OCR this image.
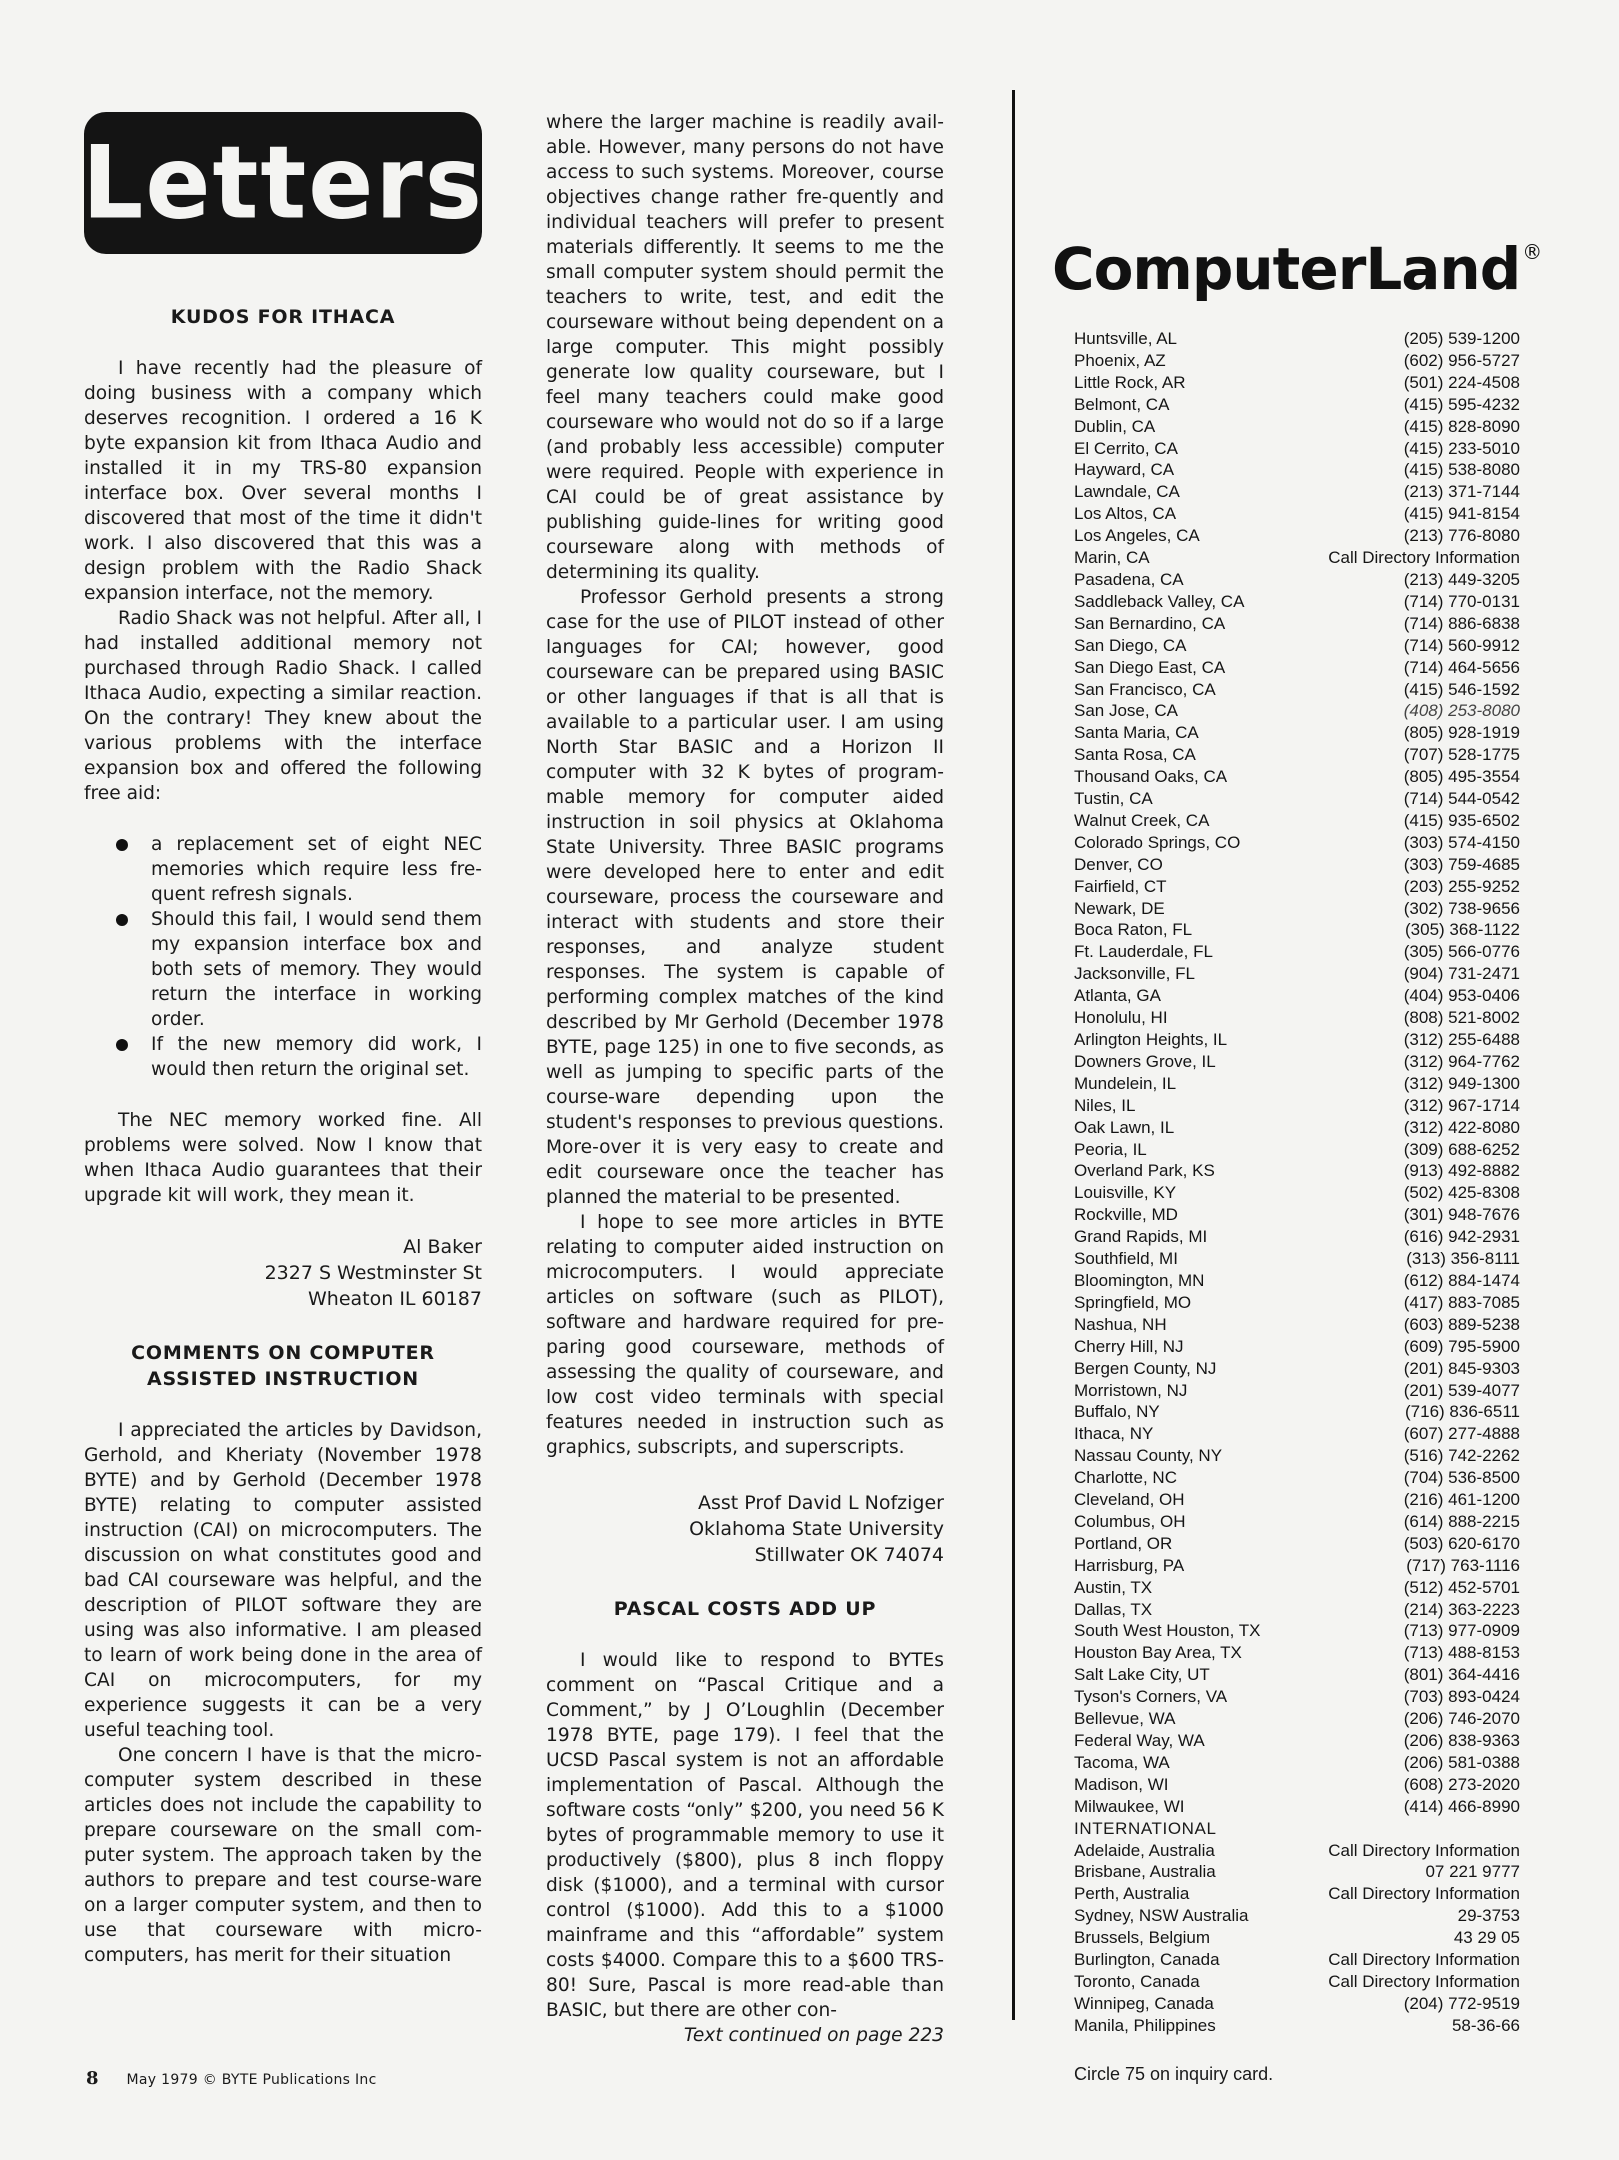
Letters
KUDOS FOR ITHACA

I have recently had the pleasure of doing business with a company which deserves recognition. I ordered a 16 K byte expansion kit from Ithaca Audio and installed it in my TRS-80 expansion interface box. Over several months I discovered that most of the time it didn't work. I also discovered that this was a design problem with the Radio Shack expansion interface, not the memory.

Radio Shack was not helpful. After all, I had installed additional memory not purchased through Radio Shack. I called Ithaca Audio, expecting a similar reaction. On the contrary! They knew about the various problems with the interface expansion box and offered the following free aid:

a replacement set of eight NEC memories which require less fre-quent refresh signals.
Should this fail, I would send them my expansion interface box and both sets of memory. They would return the interface in working order.
If the new memory did work, I would then return the original set.

The NEC memory worked fine. All problems were solved. Now I know that when Ithaca Audio guarantees that their upgrade kit will work, they mean it.

Al Baker
2327 S Westminster St
Wheaton IL 60187
COMMENTS ON COMPUTER
ASSISTED INSTRUCTION

I appreciated the articles by Davidson, Gerhold, and Kheriaty (November 1978 BYTE) and by Gerhold (December 1978 BYTE) relating to computer assisted instruction (CAI) on microcomputers. The discussion on what constitutes good and bad CAI courseware was helpful, and the description of PILOT software they are using was also informative. I am pleased to learn of work being done in the area of CAI on microcomputers, for my experience suggests it can be a very useful teaching tool.

One concern I have is that the micro-computer system described in these articles does not include the capability to prepare courseware on the small com-puter system. The approach taken by the authors to prepare and test course-ware on a larger computer system, and then to use that courseware with micro-computers, has merit for their situation

where the larger machine is readily avail-able. However, many persons do not have access to such systems. Moreover, course objectives change rather fre-quently and individual teachers will prefer to present materials differently. It seems to me the small computer system should permit the teachers to write, test, and edit the courseware without being dependent on a large computer. This might possibly generate low quality courseware, but I feel many teachers could make good courseware who would not do so if a large (and probably less accessible) computer were required. People with experience in CAI could be of great assistance by publishing guide-lines for writing good courseware along with methods of determining its quality.

Professor Gerhold presents a strong case for the use of PILOT instead of other languages for CAI; however, good courseware can be prepared using BASIC or other languages if that is all that is available to a particular user. I am using North Star BASIC and a Horizon II computer with 32 K bytes of program-mable memory for computer aided instruction in soil physics at Oklahoma State University. Three BASIC programs were developed here to enter and edit courseware, process the courseware and interact with students and store their responses, and analyze student responses. The system is capable of performing complex matches of the kind described by Mr Gerhold (December 1978 BYTE, page 125) in one to five seconds, as well as jumping to specific parts of the course-ware depending upon the student's responses to previous questions. More-over it is very easy to create and edit courseware once the teacher has planned the material to be presented.

I hope to see more articles in BYTE relating to computer aided instruction on microcomputers. I would appreciate articles on software (such as PILOT), software and hardware required for pre-paring good courseware, methods of assessing the quality of courseware, and low cost video terminals with special features needed in instruction such as graphics, subscripts, and superscripts.

Asst Prof David L Nofziger
Oklahoma State University
Stillwater OK 74074
PASCAL COSTS ADD UP

I would like to respond to BYTEs comment on “Pascal Critique and a Comment,” by J O’Loughlin (December 1978 BYTE, page 179). I feel that the UCSD Pascal system is not an affordable implementation of Pascal. Although the software costs “only” $200, you need 56 K bytes of programmable memory to use it productively ($800), plus 8 inch floppy disk ($1000), and a terminal with cursor control ($1000). Add this to a $1000 mainframe and this “affordable” system costs $4000. Compare this to a $600 TRS-80! Sure, Pascal is more read-able than BASIC, but there are other con-

Text continued on page 223
ComputerLand®
Huntsville, AL	(205) 539-1200
Phoenix, AZ	(602) 956-5727
Little Rock, AR	(501) 224-4508
Belmont, CA	(415) 595-4232
Dublin, CA	(415) 828-8090
El Cerrito, CA	(415) 233-5010
Hayward, CA	(415) 538-8080
Lawndale, CA	(213) 371-7144
Los Altos, CA	(415) 941-8154
Los Angeles, CA	(213) 776-8080
Marin, CA	Call Directory Information
Pasadena, CA	(213) 449-3205
Saddleback Valley, CA	(714) 770-0131
San Bernardino, CA	(714) 886-6838
San Diego, CA	(714) 560-9912
San Diego East, CA	(714) 464-5656
San Francisco, CA	(415) 546-1592
San Jose, CA	(408) 253-8080
Santa Maria, CA	(805) 928-1919
Santa Rosa, CA	(707) 528-1775
Thousand Oaks, CA	(805) 495-3554
Tustin, CA	(714) 544-0542
Walnut Creek, CA	(415) 935-6502
Colorado Springs, CO	(303) 574-4150
Denver, CO	(303) 759-4685
Fairfield, CT	(203) 255-9252
Newark, DE	(302) 738-9656
Boca Raton, FL	(305) 368-1122
Ft. Lauderdale, FL	(305) 566-0776
Jacksonville, FL	(904) 731-2471
Atlanta, GA	(404) 953-0406
Honolulu, HI	(808) 521-8002
Arlington Heights, IL	(312) 255-6488
Downers Grove, IL	(312) 964-7762
Mundelein, IL	(312) 949-1300
Niles, IL	(312) 967-1714
Oak Lawn, IL	(312) 422-8080
Peoria, IL	(309) 688-6252
Overland Park, KS	(913) 492-8882
Louisville, KY	(502) 425-8308
Rockville, MD	(301) 948-7676
Grand Rapids, MI	(616) 942-2931
Southfield, MI	(313) 356-8111
Bloomington, MN	(612) 884-1474
Springfield, MO	(417) 883-7085
Nashua, NH	(603) 889-5238
Cherry Hill, NJ	(609) 795-5900
Bergen County, NJ	(201) 845-9303
Morristown, NJ	(201) 539-4077
Buffalo, NY	(716) 836-6511
Ithaca, NY	(607) 277-4888
Nassau County, NY	(516) 742-2262
Charlotte, NC	(704) 536-8500
Cleveland, OH	(216) 461-1200
Columbus, OH	(614) 888-2215
Portland, OR	(503) 620-6170
Harrisburg, PA	(717) 763-1116
Austin, TX	(512) 452-5701
Dallas, TX	(214) 363-2223
South West Houston, TX	(713) 977-0909
Houston Bay Area, TX	(713) 488-8153
Salt Lake City, UT	(801) 364-4416
Tyson's Corners, VA	(703) 893-0424
Bellevue, WA	(206) 746-2070
Federal Way, WA	(206) 838-9363
Tacoma, WA	(206) 581-0388
Madison, WI	(608) 273-2020
Milwaukee, WI	(414) 466-8990
INTERNATIONAL
Adelaide, Australia	Call Directory Information
Brisbane, Australia	07 221 9777
Perth, Australia	Call Directory Information
Sydney, NSW Australia	29-3753
Brussels, Belgium	43 29 05
Burlington, Canada	Call Directory Information
Toronto, Canada	Call Directory Information
Winnipeg, Canada	(204) 772-9519
Manila, Philippines	58-36-66
Circle 75 on inquiry card.
8 May 1979 © BYTE Publications Inc
